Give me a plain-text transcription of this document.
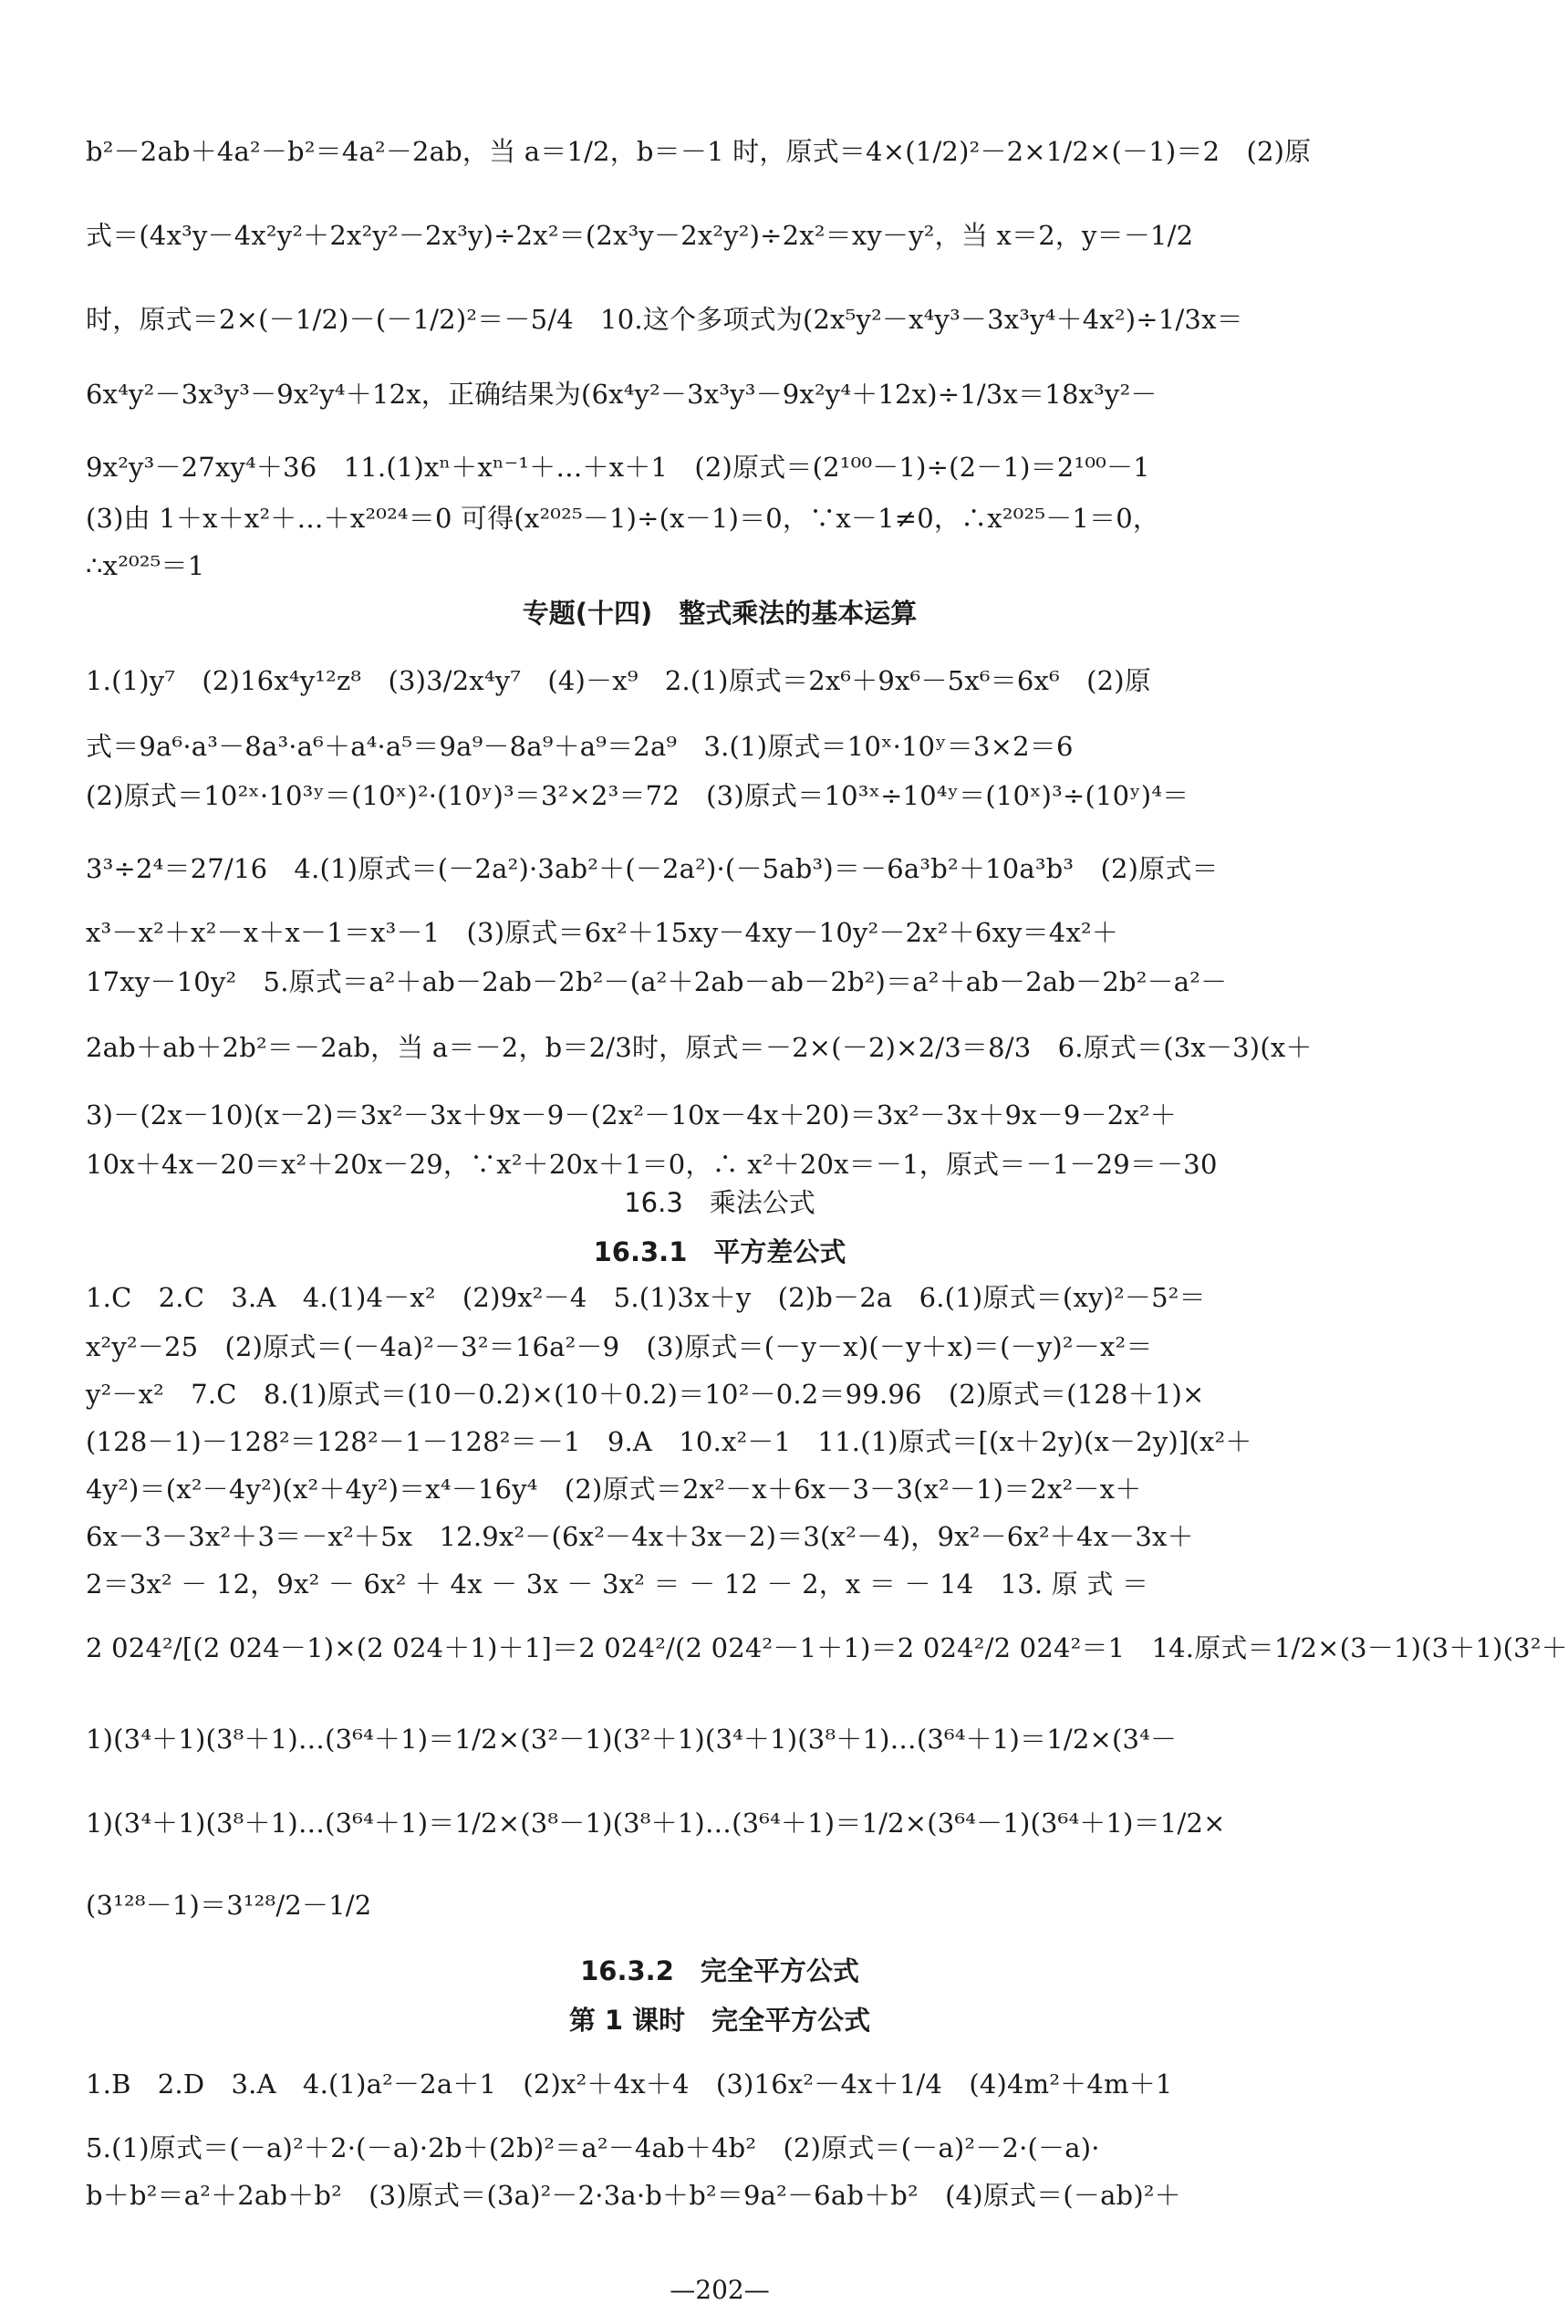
b²－2ab＋4a²－b²＝4a²－2ab，当 a＝1/2，b＝－1 时，原式＝4×(1/2)²－2×1/2×(－1)＝2　(2)原
式＝(4x³y－4x²y²＋2x²y²－2x³y)÷2x²＝(2x³y－2x²y²)÷2x²＝xy－y²，当 x＝2，y＝－1/2
时，原式＝2×(－1/2)－(－1/2)²＝－5/4　10.这个多项式为(2x⁵y²－x⁴y³－3x³y⁴＋4x²)÷1/3x＝
6x⁴y²－3x³y³－9x²y⁴＋12x，正确结果为(6x⁴y²－3x³y³－9x²y⁴＋12x)÷1/3x＝18x³y²－
9x²y³－27xy⁴＋36　11.(1)xⁿ＋xⁿ⁻¹＋…＋x＋1　(2)原式＝(2¹⁰⁰－1)÷(2－1)＝2¹⁰⁰－1
(3)由 1＋x＋x²＋…＋x²⁰²⁴＝0 可得(x²⁰²⁵－1)÷(x－1)＝0，∵x－1≠0，∴x²⁰²⁵－1＝0，
∴x²⁰²⁵＝1
专题(十四)　整式乘法的基本运算
1.(1)y⁷　(2)16x⁴y¹²z⁸　(3)3/2x⁴y⁷　(4)－x⁹　2.(1)原式＝2x⁶＋9x⁶－5x⁶＝6x⁶　(2)原
式＝9a⁶·a³－8a³·a⁶＋a⁴·a⁵＝9a⁹－8a⁹＋a⁹＝2a⁹　3.(1)原式＝10ˣ·10ʸ＝3×2＝6
(2)原式＝10²ˣ·10³ʸ＝(10ˣ)²·(10ʸ)³＝3²×2³＝72　(3)原式＝10³ˣ÷10⁴ʸ＝(10ˣ)³÷(10ʸ)⁴＝
3³÷2⁴＝27/16　4.(1)原式＝(－2a²)·3ab²＋(－2a²)·(－5ab³)＝－6a³b²＋10a³b³　(2)原式＝
x³－x²＋x²－x＋x－1＝x³－1　(3)原式＝6x²＋15xy－4xy－10y²－2x²＋6xy＝4x²＋
17xy－10y²　5.原式＝a²＋ab－2ab－2b²－(a²＋2ab－ab－2b²)＝a²＋ab－2ab－2b²－a²－
2ab＋ab＋2b²＝－2ab，当 a＝－2，b＝2/3时，原式＝－2×(－2)×2/3＝8/3　6.原式＝(3x－3)(x＋
3)－(2x－10)(x－2)＝3x²－3x＋9x－9－(2x²－10x－4x＋20)＝3x²－3x＋9x－9－2x²＋
10x＋4x－20＝x²＋20x－29，∵x²＋20x＋1＝0，∴ x²＋20x＝－1，原式＝－1－29＝－30
16.3　乘法公式
16.3.1　平方差公式
1.C　2.C　3.A　4.(1)4－x²　(2)9x²－4　5.(1)3x＋y　(2)b－2a　6.(1)原式＝(xy)²－5²＝
x²y²－25　(2)原式＝(－4a)²－3²＝16a²－9　(3)原式＝(－y－x)(－y＋x)＝(－y)²－x²＝
y²－x²　7.C　8.(1)原式＝(10－0.2)×(10＋0.2)＝10²－0.2＝99.96　(2)原式＝(128＋1)×
(128－1)－128²＝128²－1－128²＝－1　9.A　10.x²－1　11.(1)原式＝[(x＋2y)(x－2y)](x²＋
4y²)＝(x²－4y²)(x²＋4y²)＝x⁴－16y⁴　(2)原式＝2x²－x＋6x－3－3(x²－1)＝2x²－x＋
6x－3－3x²＋3＝－x²＋5x　12.9x²－(6x²－4x＋3x－2)＝3(x²－4)，9x²－6x²＋4x－3x＋
2＝3x² － 12，9x² － 6x² ＋ 4x － 3x － 3x² ＝ － 12 － 2，x ＝ － 14　13. 原 式 ＝
2 024²/[(2 024－1)×(2 024＋1)＋1]＝2 024²/(2 024²－1＋1)＝2 024²/2 024²＝1　14.原式＝1/2×(3－1)(3＋1)(3²＋
1)(3⁴＋1)(3⁸＋1)…(3⁶⁴＋1)＝1/2×(3²－1)(3²＋1)(3⁴＋1)(3⁸＋1)…(3⁶⁴＋1)＝1/2×(3⁴－
1)(3⁴＋1)(3⁸＋1)…(3⁶⁴＋1)＝1/2×(3⁸－1)(3⁸＋1)…(3⁶⁴＋1)＝1/2×(3⁶⁴－1)(3⁶⁴＋1)＝1/2×
(3¹²⁸－1)＝3¹²⁸/2－1/2
16.3.2　完全平方公式
第 1 课时　完全平方公式
1.B　2.D　3.A　4.(1)a²－2a＋1　(2)x²＋4x＋4　(3)16x²－4x＋1/4　(4)4m²＋4m＋1
5.(1)原式＝(－a)²＋2·(－a)·2b＋(2b)²＝a²－4ab＋4b²　(2)原式＝(－a)²－2·(－a)·
b＋b²＝a²＋2ab＋b²　(3)原式＝(3a)²－2·3a·b＋b²＝9a²－6ab＋b²　(4)原式＝(－ab)²＋
—202—
